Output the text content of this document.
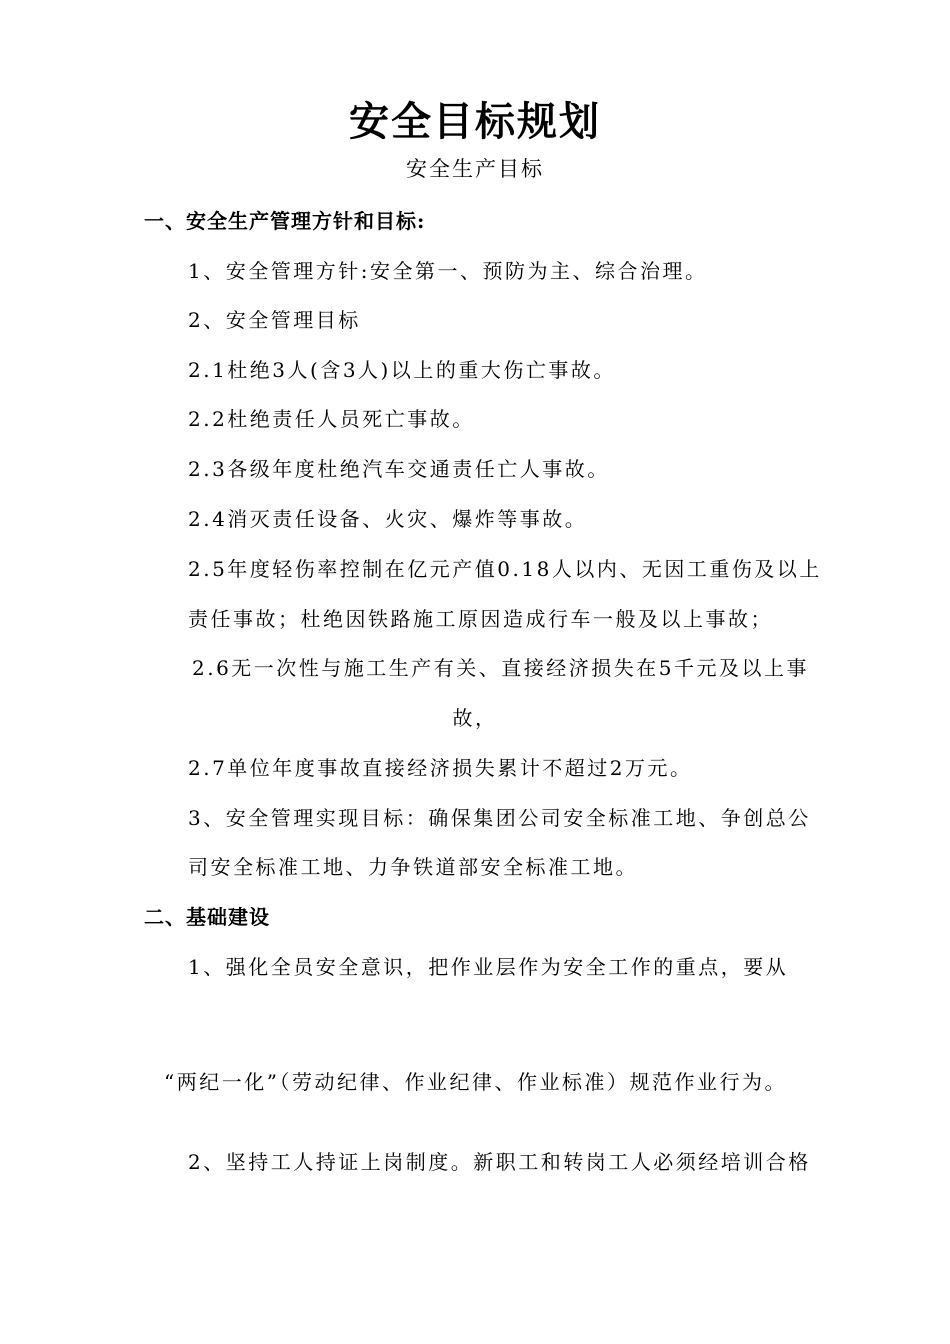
安全目标规划

安全生产目标

一、安全生产管理方针和目标:

1、安全管理方针:安全第一、预防为主、综合治理。

2、安全管理目标

2.1杜绝3人(含3人)以上的重大伤亡事故。

2.2杜绝责任人员死亡事故。

2.3各级年度杜绝汽车交通责任亡人事故。

2.4消灭责任设备、火灾、爆炸等事故。

2.5年度轻伤率控制在亿元产值0.18人以内、无因工重伤及以上

责任事故；杜绝因铁路施工原因造成行车一般及以上事故；

2.6无一次性与施工生产有关、直接经济损失在5千元及以上事

故，

2.7单位年度事故直接经济损失累计不超过2万元。

3、安全管理实现目标：确保集团公司安全标准工地、争创总公

司安全标准工地、力争铁道部安全标准工地。

二、基础建设

1、强化全员安全意识，把作业层作为安全工作的重点，要从

“两纪一化”（劳动纪律、作业纪律、作业标准）规范作业行为。

2、坚持工人持证上岗制度。新职工和转岗工人必须经培训合格
